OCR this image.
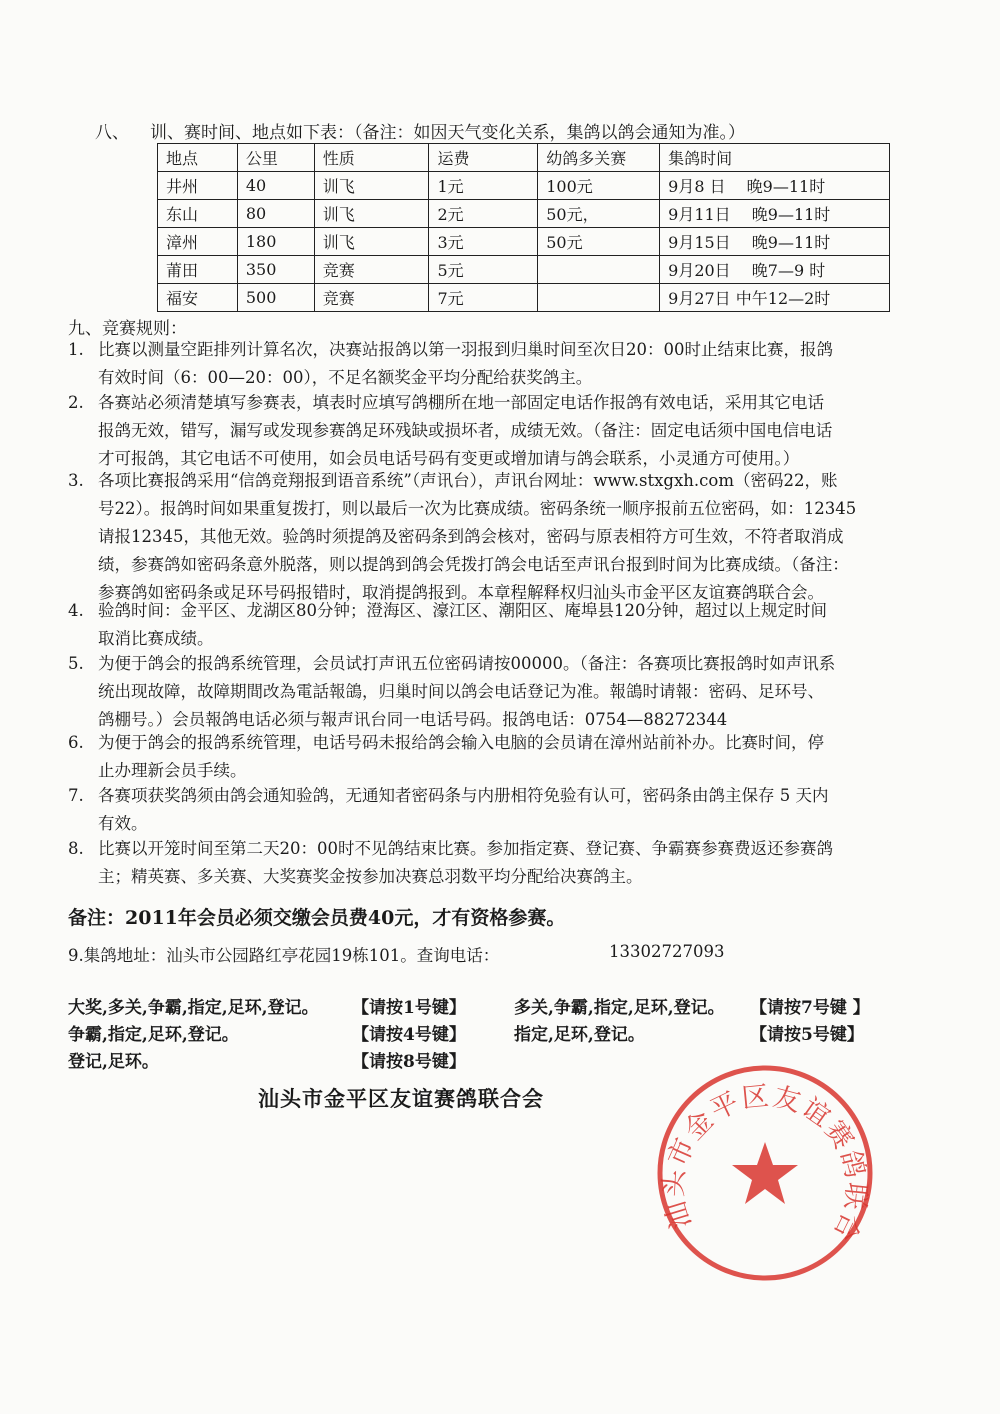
八、 训、赛时间、地点如下表：（备注：如因天气变化关系，集鸽以鸽会通知为准。）
地点	公里	性质	运费	幼鸽多关赛	集鸽时间
井州	40	训飞	1元	100元	9月8 日　 晚9—11时
东山	80	训飞	2元	50元，	9月11日　 晚9—11时
漳州	180	训飞	3元	50元	9月15日　 晚9—11时
莆田	350	竞赛	5元		9月20日　 晚7—9 时
福安	500	竞赛	7元		9月27日 中午12—2时
九、竞赛规则：
1. 比赛以测量空距排列计算名次，决赛站报鸽以第一羽报到归巢时间至次日20：00时止结束比赛，报鸽
有效时间（6：00—20：00），不足名额奖金平均分配给获奖鸽主。
2. 各赛站必须清楚填写参赛表，填表时应填写鸽棚所在地一部固定电话作报鸽有效电话，采用其它电话
报鸽无效，错写，漏写或发现参赛鸽足环残缺或损坏者，成绩无效。（备注：固定电话须中国电信电话
才可报鸽，其它电话不可使用，如会员电话号码有变更或增加请与鸽会联系，小灵通方可使用。）
3. 各项比赛报鸽采用“信鸽竞翔报到语音系统”（声讯台），声讯台网址：www.stxgxh.com（密码22，账
号22）。报鸽时间如果重复拨打，则以最后一次为比赛成绩。密码条统一顺序报前五位密码，如：12345
请报12345，其他无效。验鸽时须提鸽及密码条到鸽会核对，密码与原表相符方可生效，不符者取消成
绩，参赛鸽如密码条意外脱落，则以提鸽到鸽会凭拨打鸽会电话至声讯台报到时间为比赛成绩。（备注：
参赛鸽如密码条或足环号码报错时，取消提鸽报到。本章程解释权归汕头市金平区友谊赛鸽联合会。
4. 验鸽时间：金平区、龙湖区80分钟；澄海区、濠江区、潮阳区、庵埠县120分钟，超过以上规定时间
取消比赛成绩。
5. 为便于鸽会的报鸽系统管理，会员试打声讯五位密码请按00000。（备注：各赛项比赛报鸽时如声讯系
统出现故障，故障期間改為電話報鴿，归巢时间以鸽会电话登记为准。報鴿时请報：密码、足环号、
鸽棚号。）会员報鸽电话必须与報声讯台同一电话号码。报鸽电话：0754—88272344
6. 为便于鸽会的报鸽系统管理，电话号码未报给鸽会输入电脑的会员请在漳州站前补办。比赛时间，停
止办理新会员手续。
7. 各赛项获奖鸽须由鸽会通知验鸽，无通知者密码条与内册相符免验有认可，密码条由鸽主保存 5 天内
有效。
8. 比赛以开笼时间至第二天20：00时不见鸽结束比赛。参加指定赛、登记赛、争霸赛参赛费返还参赛鸽
主；精英赛、多关赛、大奖赛奖金按参加决赛总羽数平均分配给决赛鸽主。
备注：2011年会员必须交缴会员费40元，才有资格参赛。
9.集鸽地址：汕头市公园路红亭花园19栋101。查询电话：	13302727093
大奖,多关,争霸,指定,足环,登记。 【请按1号键】	多关,争霸,指定,足环,登记。 【请按7号键 】
争霸,指定,足环,登记。	【请按4号键】	指定,足环,登记。	【请按5号键】
登记,足环。	【请按8号键】
汕头市金平区友谊赛鸽联合会
汕头市金平区友谊赛鸽联合
